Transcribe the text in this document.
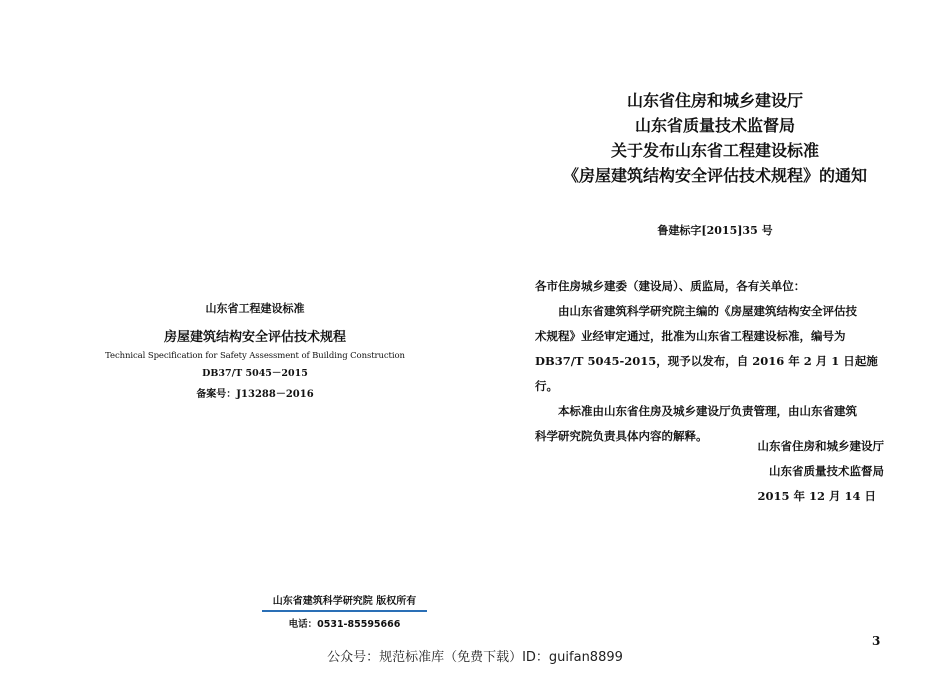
山东省工程建设标准
房屋建筑结构安全评估技术规程
Technical Specification for Safety Assessment of Building Construction
DB37/T 5045－2015
备案号：J13288－2016
山东省建筑科学研究院 版权所有
电话：0531-85595666
山东省住房和城乡建设厅
山东省质量技术监督局
关于发布山东省工程建设标准
《房屋建筑结构安全评估技术规程》的通知
鲁建标字[2015]35 号

各市住房城乡建委（建设局）、质监局，各有关单位：

由山东省建筑科学研究院主编的《房屋建筑结构安全评估技

术规程》业经审定通过，批准为山东省工程建设标准，编号为

DB37/T 5045-2015，现予以发布，自 2016 年 2 月 1 日起施行。

本标准由山东省住房及城乡建设厅负责管理，由山东省建筑

科学研究院负责具体内容的解释。

山东省住房和城乡建设厅
山东省质量技术监督局
2015 年 12 月 14 日
3
公众号：规范标准库（免费下载）ID：guifan8899
